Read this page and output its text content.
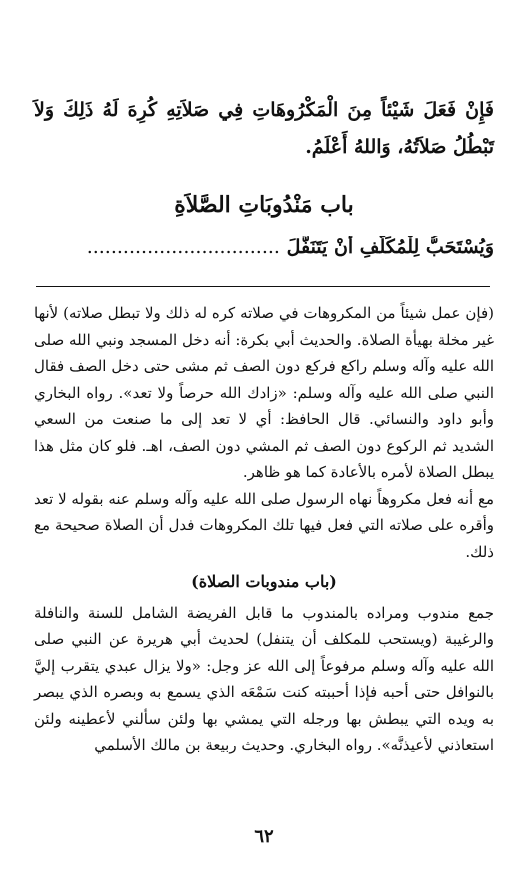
فَإِنْ فَعَلَ شَيْئاً مِنَ الْمَكْرُوهَاتِ فِي صَلاَتِهِ كُرِهَ لَهُ ذَلِكَ وَلاَ تَبْطُلُ صَلاَتُهُ، وَاللهُ أَعْلَمُ.
باب مَنْدُوبَاتِ الصَّلاَةِ
وَيُسْتَحَبُّ لِلْمُكَلَّفِ أَنْ يَتَنَفَّلَ ................................

(فإن عمل شيئاً من المكروهات في صلاته كره له ذلك ولا تبطل صلاته) لأنها غير مخلة بهيأة الصلاة. والحديث أبي بكرة: أنه دخل المسجد ونبي الله صلى الله عليه وآله وسلم راكع فركع دون الصف ثم مشى حتى دخل الصف فقال النبي صلى الله عليه وآله وسلم: «زادك الله حرصاً ولا تعد». رواه البخاري وأبو داود والنسائي. قال الحافظ: أي لا تعد إلى ما صنعت من السعي الشديد ثم الركوع دون الصف ثم المشي دون الصف، اهـ. فلو كان مثل هذا يبطل الصلاة لأمره بالأعادة كما هو ظاهر.

مع أنه فعل مكروهاً نهاه الرسول صلى الله عليه وآله وسلم عنه بقوله لا تعد وأقره على صلاته التي فعل فيها تلك المكروهات فدل أن الصلاة صحيحة مع ذلك.

(باب مندوبات الصلاة)

جمع مندوب ومراده بالمندوب ما قابل الفريضة الشامل للسنة والنافلة والرغيبة (ويستحب للمكلف أن يتنفل) لحديث أبي هريرة عن النبي صلى الله عليه وآله وسلم مرفوعاً إلى الله عز وجل: «ولا يزال عبدي يتقرب إليَّ بالنوافل حتى أحبه فإذا أحببته كنت سَمْعَه الذي يسمع به وبصره الذي يبصر به ويده التي يبطش بها ورجله التي يمشي بها ولئن سألني لأعطينه ولئن استعاذني لأعيذنَّه». رواه البخاري. وحديث ربيعة بن مالك الأسلمي

٦٢
